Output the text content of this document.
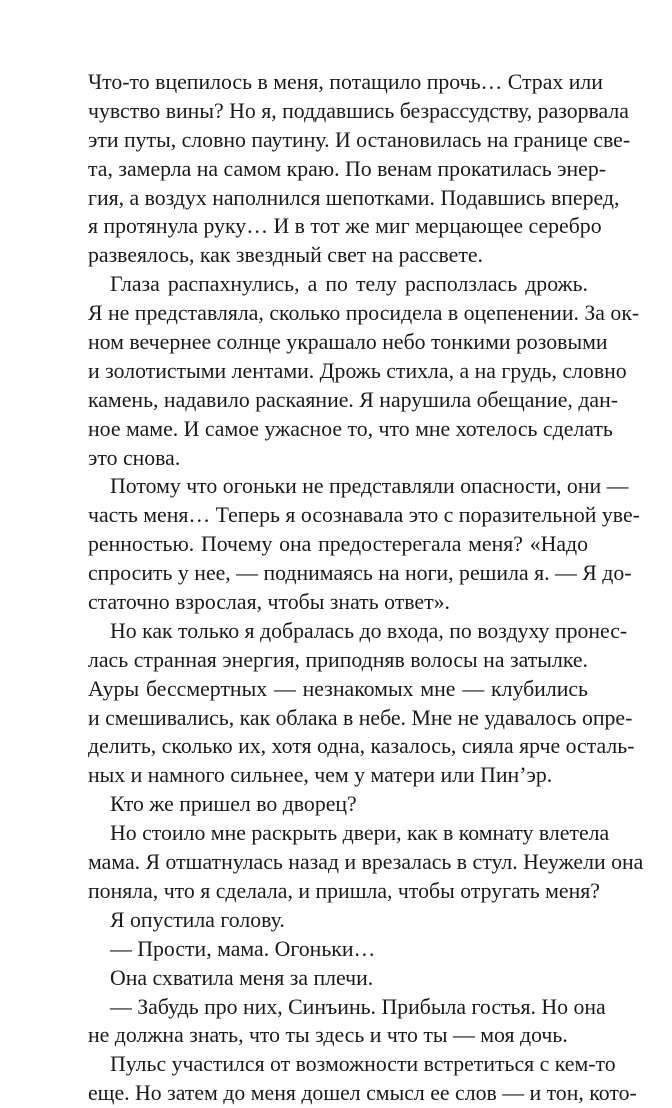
Что-то вцепилось в меня, потащило прочь… Страх или
чувство вины? Но я, поддавшись безрассудству, разорвала
эти путы, словно паутину. И остановилась на границе све-
та, замерла на самом краю. По венам прокатилась энер-
гия, а воздух наполнился шепотками. Подавшись вперед,
я протянула руку… И в тот же миг мерцающее серебро
развеялось, как звездный свет на рассвете.
Глаза распахнулись, а по телу расползлась дрожь.
Я не представляла, сколько просидела в оцепенении. За ок-
ном вечернее солнце украшало небо тонкими розовыми
и золотистыми лентами. Дрожь стихла, а на грудь, словно
камень, надавило раскаяние. Я нарушила обещание, дан-
ное маме. И самое ужасное то, что мне хотелось сделать
это снова.
Потому что огоньки не представляли опасности, они —
часть меня… Теперь я осознавала это с поразительной уве-
ренностью. Почему она предостерегала меня? «Надо
спросить у нее, — поднимаясь на ноги, решила я. — Я до-
статочно взрослая, чтобы знать ответ».
Но как только я добралась до входа, по воздуху пронес-
лась странная энергия, приподняв волосы на затылке.
Ауры бессмертных — незнакомых мне — клубились
и смешивались, как облака в небе. Мне не удавалось опре-
делить, сколько их, хотя одна, казалось, сияла ярче осталь-
ных и намного сильнее, чем у матери или Пин’эр.
Кто же пришел во дворец?
Но стоило мне раскрыть двери, как в комнату влетела
мама. Я отшатнулась назад и врезалась в стул. Неужели она
поняла, что я сделала, и пришла, чтобы отругать меня?
Я опустила голову.
— Прости, мама. Огоньки…
Она схватила меня за плечи.
— Забудь про них, Синъинь. Прибыла гостья. Но она
не должна знать, что ты здесь и что ты — моя дочь.
Пульс участился от возможности встретиться с кем-то
еще. Но затем до меня дошел смысл ее слов — и тон, кото-
